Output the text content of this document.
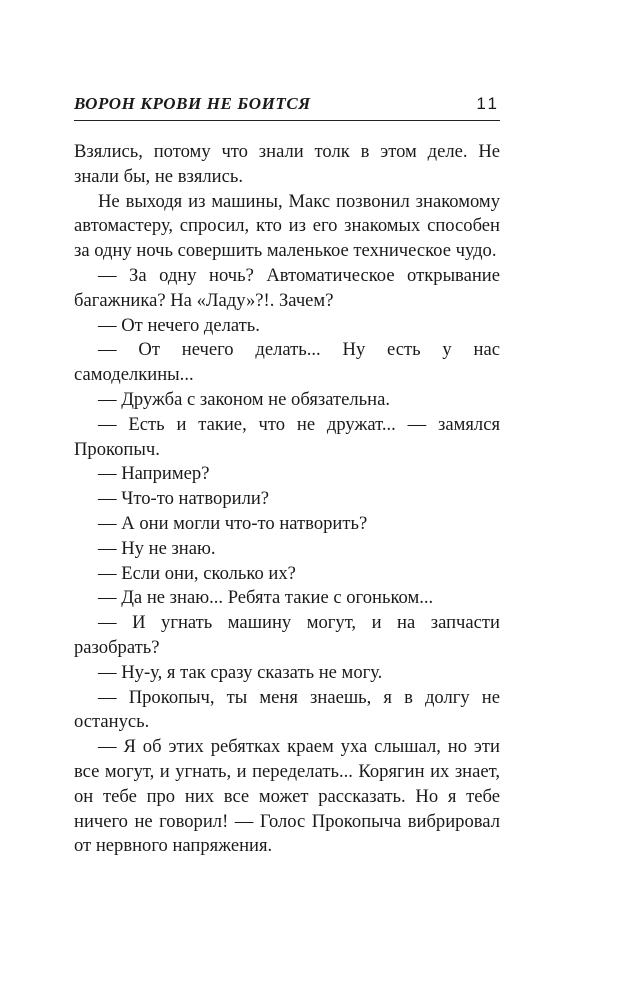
ВОРОН КРОВИ НЕ БОИТСЯ	11

Взялись, потому что знали толк в этом деле. Не знали бы, не взялись.

Не выходя из машины, Макс позвонил знакомому автомастеру, спросил, кто из его знакомых способен за одну ночь совершить маленькое техническое чудо.

— За одну ночь? Автоматическое открывание багажника? На «Ладу»?!. Зачем?

— От нечего делать.

— От нечего делать... Ну есть у нас самоделкины...

— Дружба с законом не обязательна.

— Есть и такие, что не дружат... — замялся Прокопыч.

— Например?

— Что-то натворили?

— А они могли что-то натворить?

— Ну не знаю.

— Если они, сколько их?

— Да не знаю... Ребята такие с огоньком...

— И угнать машину могут, и на запчасти разобрать?

— Ну-у, я так сразу сказать не могу.

— Прокопыч, ты меня знаешь, я в долгу не останусь.

— Я об этих ребятках краем уха слышал, но эти все могут, и угнать, и переделать... Корягин их знает, он тебе про них все может рассказать. Но я тебе ничего не говорил! — Голос Прокопыча вибрировал от нервного напряжения.
